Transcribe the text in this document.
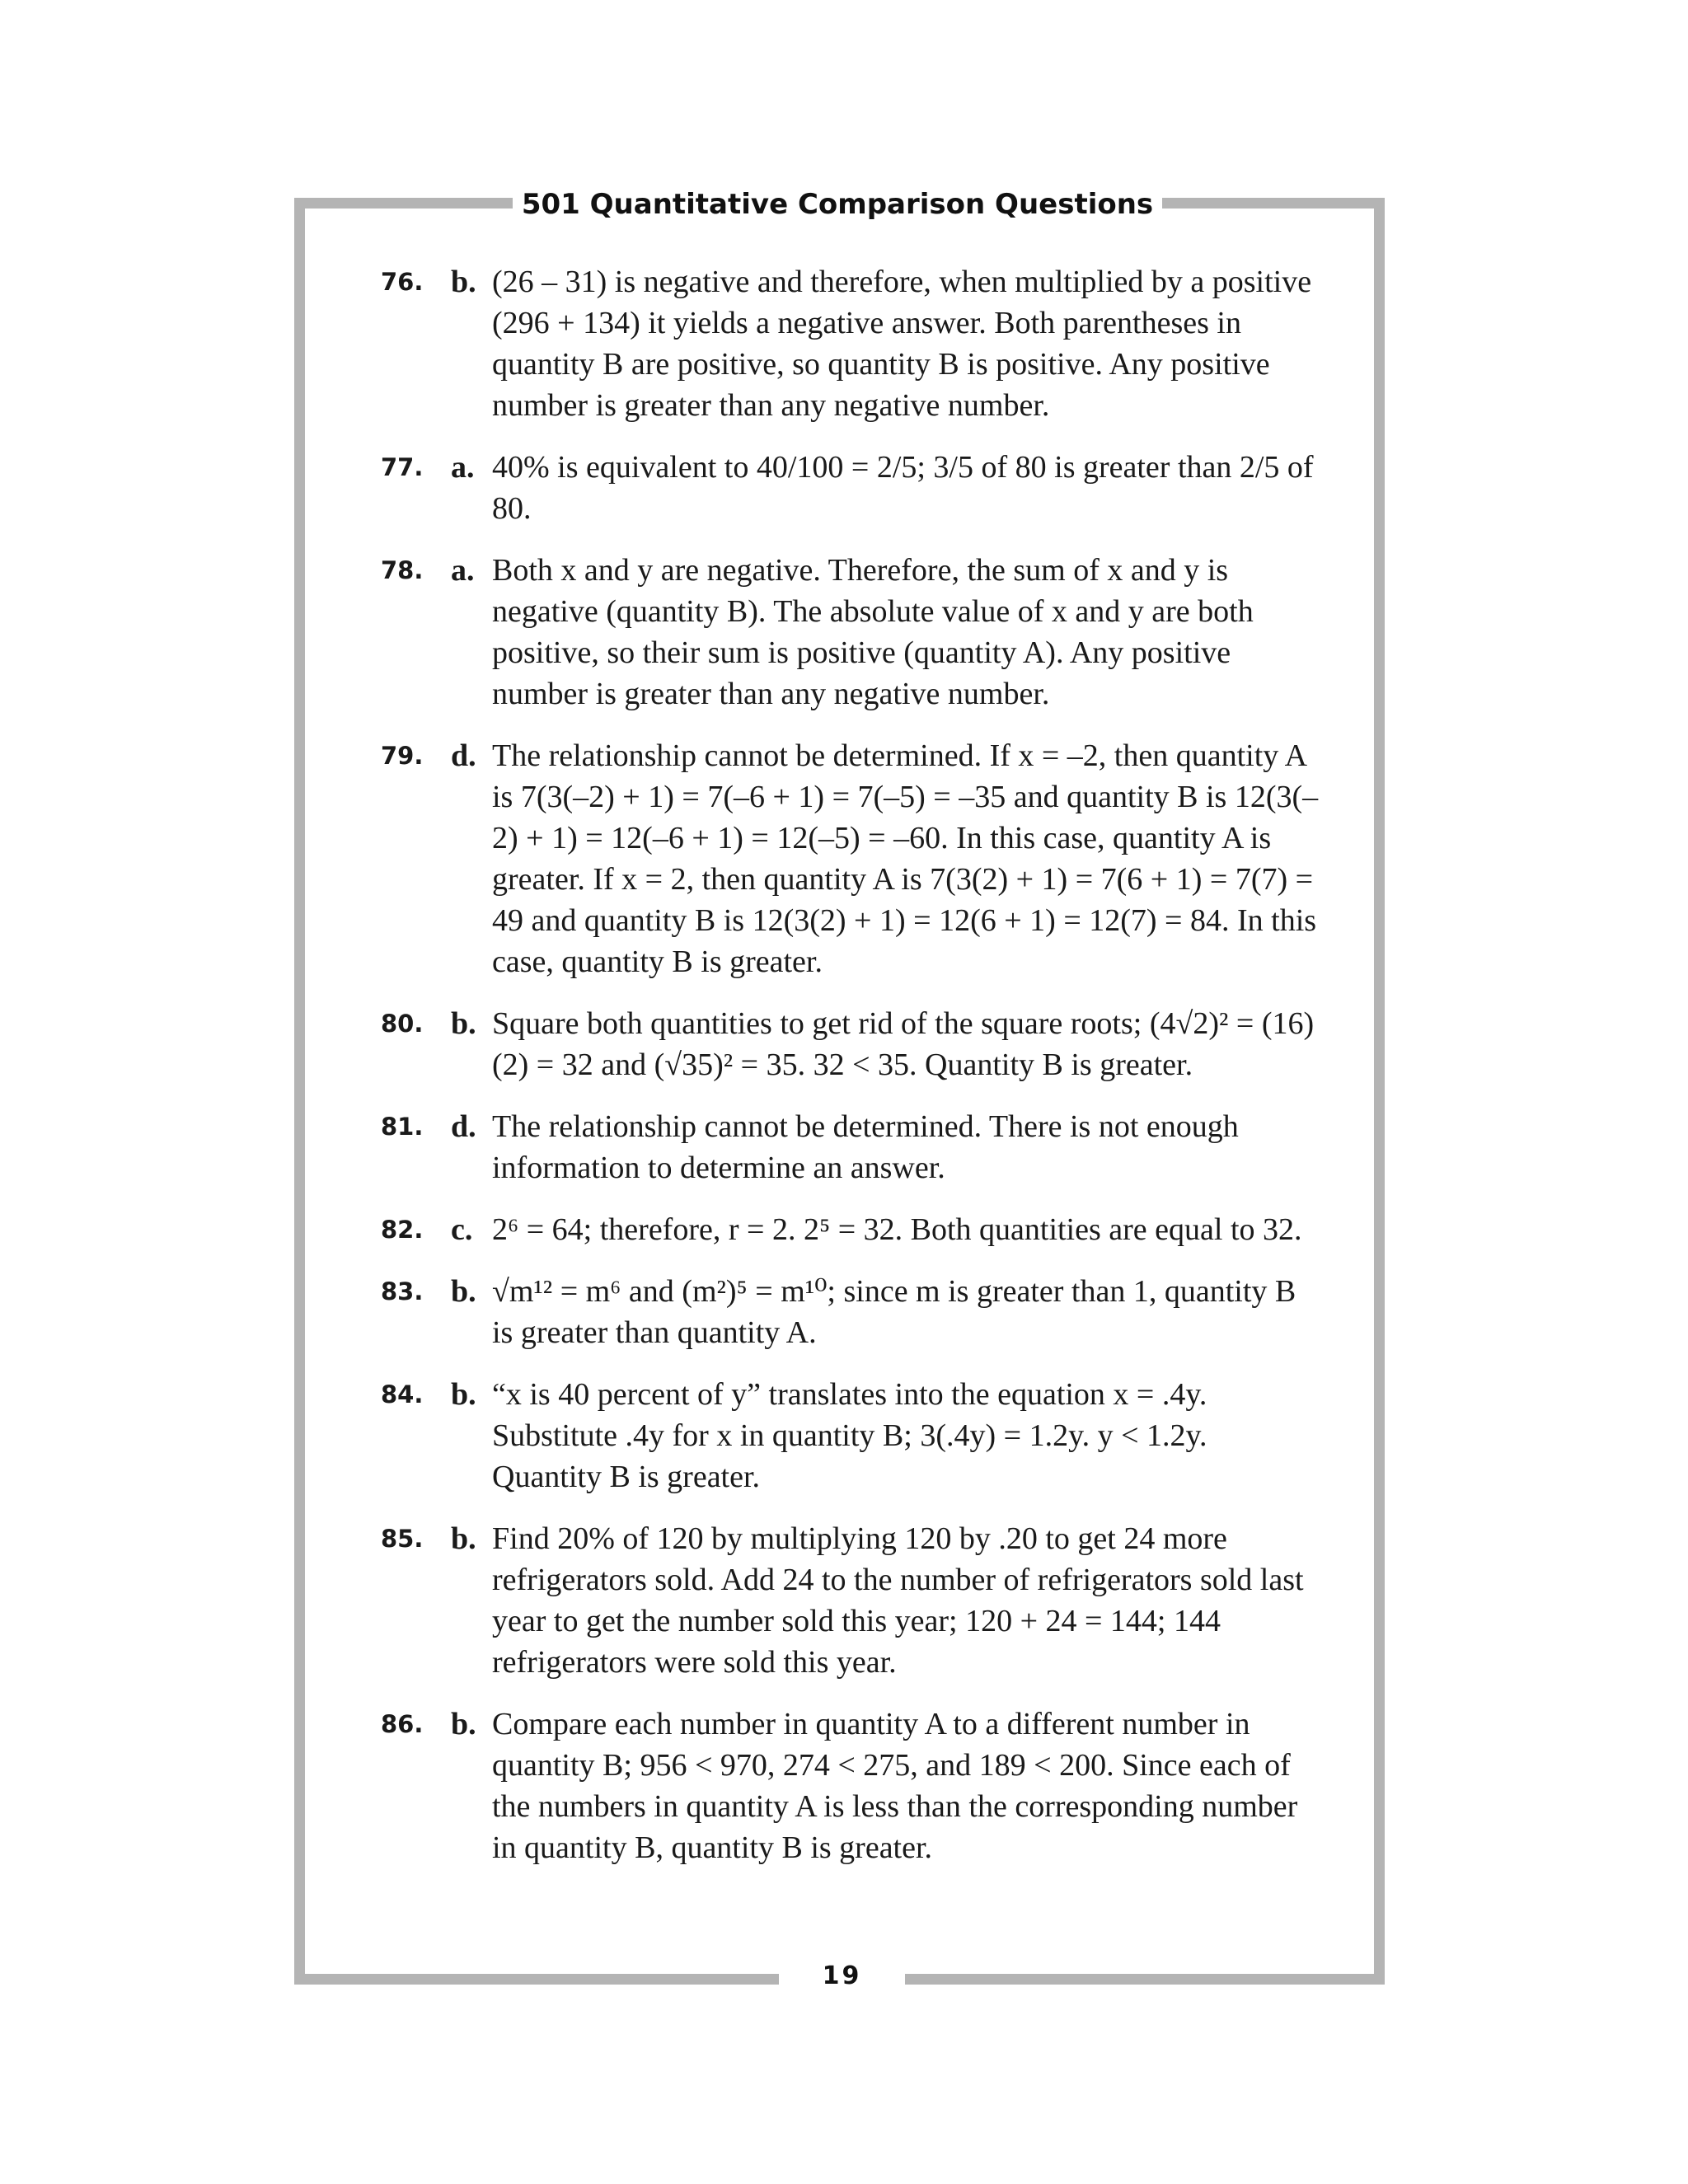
501 Quantitative Comparison Questions
76. b. (26 – 31) is negative and therefore, when multiplied by a positive (296 + 134) it yields a negative answer. Both parentheses in quantity B are positive, so quantity B is positive. Any positive number is greater than any negative number.
77. a. 40% is equivalent to 40/100 = 2/5; 3/5 of 80 is greater than 2/5 of 80.
78. a. Both x and y are negative. Therefore, the sum of x and y is negative (quantity B). The absolute value of x and y are both positive, so their sum is positive (quantity A). Any positive number is greater than any negative number.
79. d. The relationship cannot be determined. If x = –2, then quantity A is 7(3(–2) + 1) = 7(–6 + 1) = 7(–5) = –35 and quantity B is 12(3(–2) + 1) = 12(–6 + 1) = 12(–5) = –60. In this case, quantity A is greater. If x = 2, then quantity A is 7(3(2) + 1) = 7(6 + 1) = 7(7) = 49 and quantity B is 12(3(2) + 1) = 12(6 + 1) = 12(7) = 84. In this case, quantity B is greater.
80. b. Square both quantities to get rid of the square roots; (4√2)² = (16)(2) = 32 and (√35)² = 35. 32 < 35. Quantity B is greater.
81. d. The relationship cannot be determined. There is not enough information to determine an answer.
82. c. 2⁶ = 64; therefore, r = 2. 2⁵ = 32. Both quantities are equal to 32.
83. b. √m¹² = m⁶ and (m²)⁵ = m¹⁰; since m is greater than 1, quantity B is greater than quantity A.
84. b. “x is 40 percent of y” translates into the equation x = .4y. Substitute .4y for x in quantity B; 3(.4y) = 1.2y. y < 1.2y. Quantity B is greater.
85. b. Find 20% of 120 by multiplying 120 by .20 to get 24 more refrigerators sold. Add 24 to the number of refrigerators sold last year to get the number sold this year; 120 + 24 = 144; 144 refrigerators were sold this year.
86. b. Compare each number in quantity A to a different number in quantity B; 956 < 970, 274 < 275, and 189 < 200. Since each of the numbers in quantity A is less than the corresponding number in quantity B, quantity B is greater.
19
